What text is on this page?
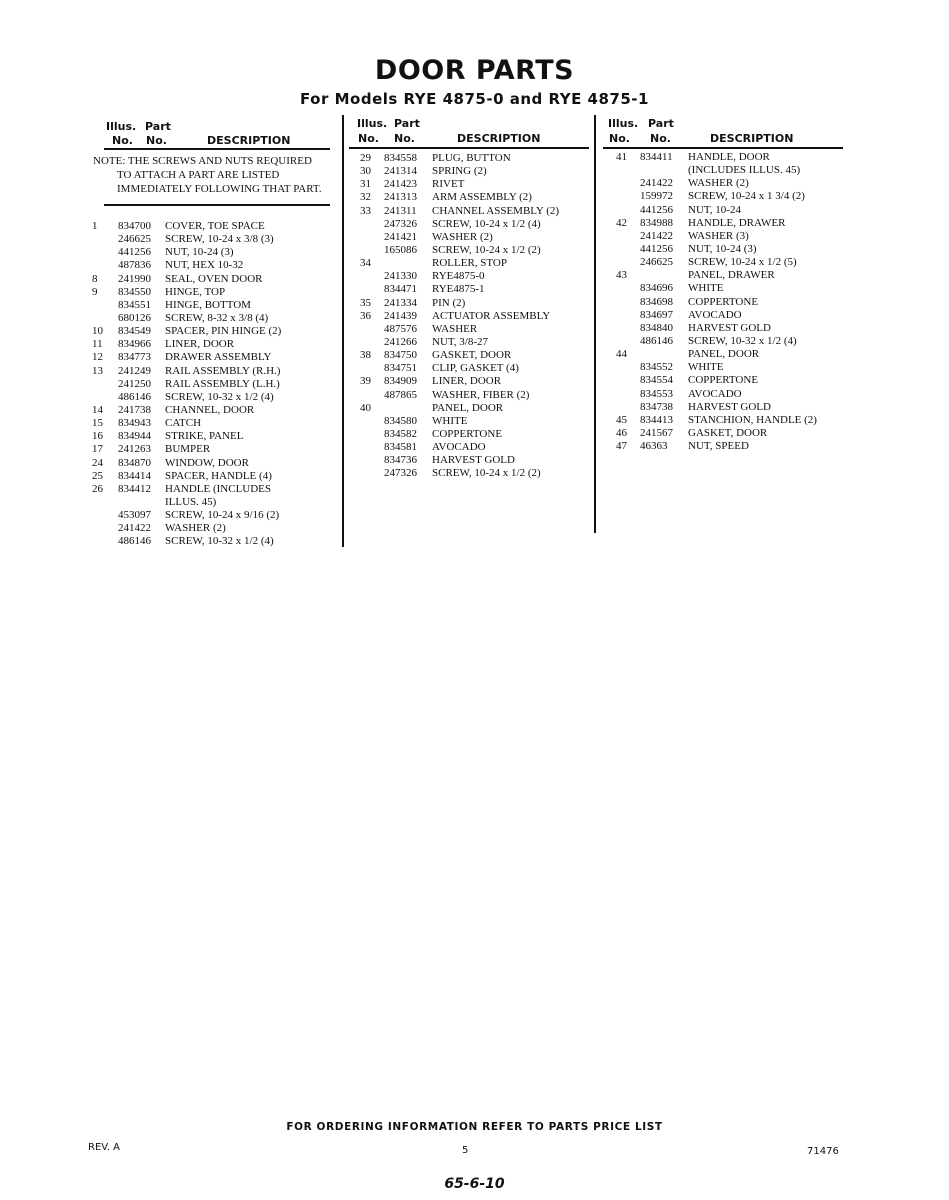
DOOR PARTS
For Models RYE 4875-0 and RYE 4875-1
Illus. Part
No. No.	DESCRIPTION
Illus. Part
No. No.	DESCRIPTION
Illus. Part
No. No.	DESCRIPTION
NOTE: THE SCREWS AND NUTS REQUIRED
TO ATTACH A PART ARE LISTED
IMMEDIATELY FOLLOWING THAT PART.
1 834700 COVER, TOE SPACE
246625 SCREW, 10-24 x 3/8 (3)
441256 NUT, 10-24 (3)
487836 NUT, HEX 10-32
8 241990 SEAL, OVEN DOOR
9 834550 HINGE, TOP
834551 HINGE, BOTTOM
680126 SCREW, 8-32 x 3/8 (4)
10 834549 SPACER, PIN HINGE (2)
11 834966 LINER, DOOR
12 834773 DRAWER ASSEMBLY
13 241249 RAIL ASSEMBLY (R.H.)
241250 RAIL ASSEMBLY (L.H.)
486146 SCREW, 10-32 x 1/2 (4)
14 241738 CHANNEL, DOOR
15 834943 CATCH
16 834944 STRIKE, PANEL
17 241263 BUMPER
24 834870 WINDOW, DOOR
25 834414 SPACER, HANDLE (4)
26 834412 HANDLE (INCLUDES
ILLUS. 45)
453097 SCREW, 10-24 x 9/16 (2)
241422 WASHER (2)
486146 SCREW, 10-32 x 1/2 (4)
29 834558 PLUG, BUTTON
30 241314 SPRING (2)
31 241423 RIVET
32 241313 ARM ASSEMBLY (2)
33 241311 CHANNEL ASSEMBLY (2)
247326 SCREW, 10-24 x 1/2 (4)
241421 WASHER (2)
165086 SCREW, 10-24 x 1/2 (2)
34	ROLLER, STOP
241330 RYE4875-0
834471 RYE4875-1
35 241334 PIN (2)
36 241439 ACTUATOR ASSEMBLY
487576 WASHER
241266 NUT, 3/8-27
38 834750 GASKET, DOOR
834751 CLIP, GASKET (4)
39 834909 LINER, DOOR
487865 WASHER, FIBER (2)
40	PANEL, DOOR
834580 WHITE
834582 COPPERTONE
834581 AVOCADO
834736 HARVEST GOLD
247326 SCREW, 10-24 x 1/2 (2)
41 834411 HANDLE, DOOR
(INCLUDES ILLUS. 45)
241422 WASHER (2)
159972 SCREW, 10-24 x 1 3/4 (2)
441256 NUT, 10-24
42 834988 HANDLE, DRAWER
241422 WASHER (3)
441256 NUT, 10-24 (3)
246625 SCREW, 10-24 x 1/2 (5)
43	PANEL, DRAWER
834696 WHITE
834698 COPPERTONE
834697 AVOCADO
834840 HARVEST GOLD
486146 SCREW, 10-32 x 1/2 (4)
44	PANEL, DOOR
834552 WHITE
834554 COPPERTONE
834553 AVOCADO
834738 HARVEST GOLD
45 834413 STANCHION, HANDLE (2)
46 241567 GASKET, DOOR
47 46363 NUT, SPEED
FOR ORDERING INFORMATION REFER TO PARTS PRICE LIST
REV. A	5	71476
65-6-10
